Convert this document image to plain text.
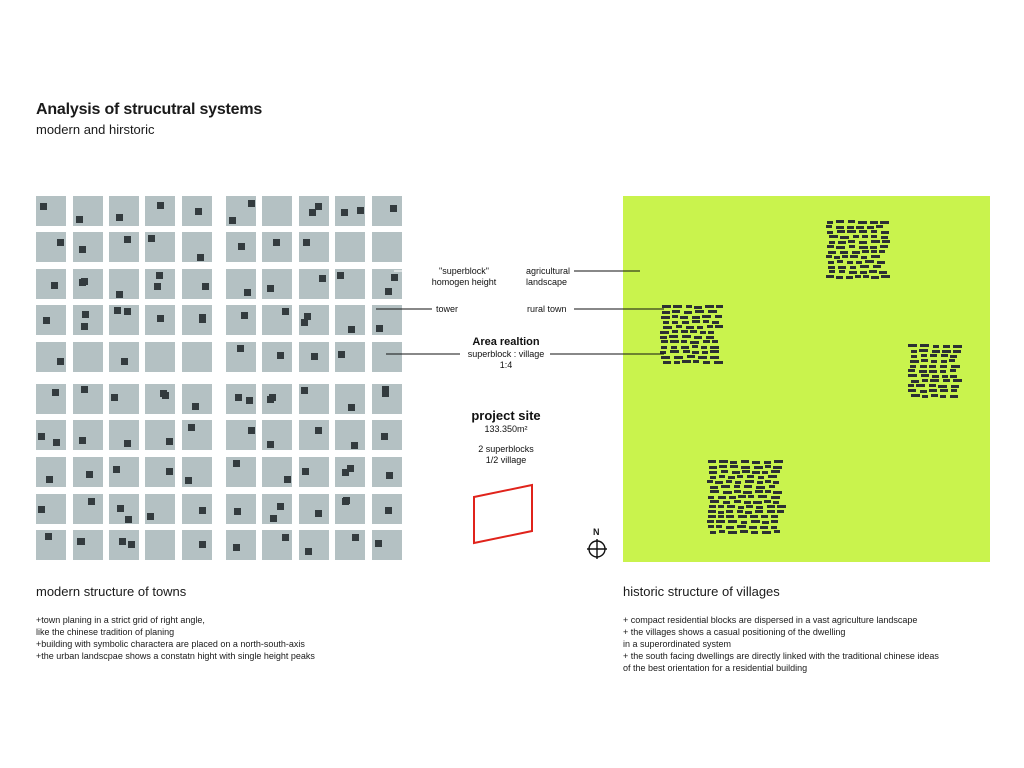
Analysis of strucutral systems
modern and hirstoric
N
"superblock"
homogen height
agricultural
landscape
tower	rural town
Area realtion
superblock : village
1:4
project site
133.350m²
2 superblocks
1/2 village
modern structure of towns
+town planing in a strict grid of right angle,
like the chinese tradition of planing
+building with symbolic charactera are placed on a north-south-axis
+the urban landscpae shows a constatn hight with single height peaks
historic structure of villages
+ compact residential blocks are dispersed in a vast agriculture landscape
+ the villages shows a casual positioning of the dwelling
in a superordinated system
+ the south facing dwellings are directly linked with the traditional chinese ideas
of the best orientation for a residential building
